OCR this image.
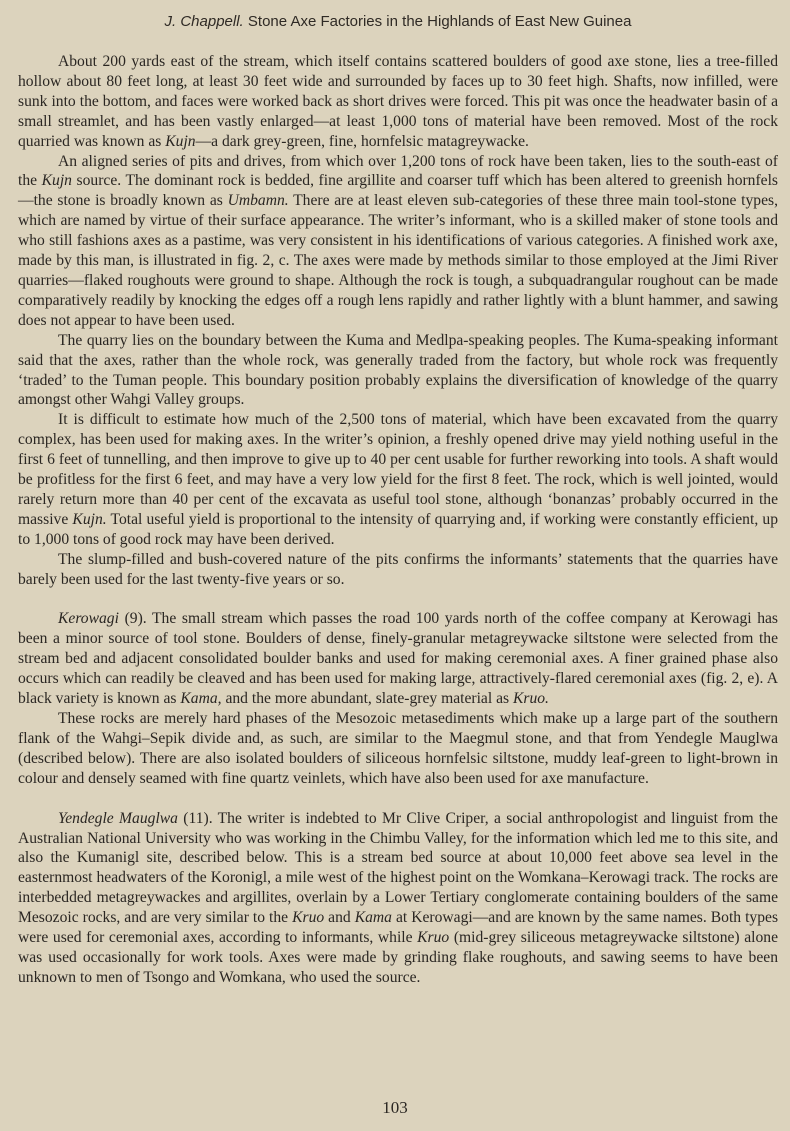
J. Chappell. Stone Axe Factories in the Highlands of East New Guinea

About 200 yards east of the stream, which itself contains scattered boulders of good axe stone, lies a tree-filled hollow about 80 feet long, at least 30 feet wide and surrounded by faces up to 30 feet high. Shafts, now infilled, were sunk into the bottom, and faces were worked back as short drives were forced. This pit was once the headwater basin of a small streamlet, and has been vastly enlarged—at least 1,000 tons of material have been removed. Most of the rock quarried was known as Kujn—a dark grey-green, fine, hornfelsic matagreywacke.

An aligned series of pits and drives, from which over 1,200 tons of rock have been taken, lies to the south-east of the Kujn source. The dominant rock is bedded, fine argillite and coarser tuff which has been altered to greenish hornfels—the stone is broadly known as Umbamn. There are at least eleven sub-categories of these three main tool-stone types, which are named by virtue of their surface appearance. The writer’s informant, who is a skilled maker of stone tools and who still fashions axes as a pastime, was very consistent in his identifications of various categories. A finished work axe, made by this man, is illustrated in fig. 2, c. The axes were made by methods similar to those employed at the Jimi River quarries—flaked roughouts were ground to shape. Although the rock is tough, a subquadrangular roughout can be made comparatively readily by knocking the edges off a rough lens rapidly and rather lightly with a blunt hammer, and sawing does not appear to have been used.

The quarry lies on the boundary between the Kuma and Medlpa-speaking peoples. The Kuma-speaking informant said that the axes, rather than the whole rock, was generally traded from the factory, but whole rock was frequently ‘traded’ to the Tuman people. This boundary position probably explains the diversification of knowledge of the quarry amongst other Wahgi Valley groups.

It is difficult to estimate how much of the 2,500 tons of material, which have been excavated from the quarry complex, has been used for making axes. In the writer’s opinion, a freshly opened drive may yield nothing useful in the first 6 feet of tunnelling, and then improve to give up to 40 per cent usable for further reworking into tools. A shaft would be profitless for the first 6 feet, and may have a very low yield for the first 8 feet. The rock, which is well jointed, would rarely return more than 40 per cent of the excavata as useful tool stone, although ‘bonanzas’ probably occurred in the massive Kujn. Total useful yield is proportional to the intensity of quarrying and, if working were constantly efficient, up to 1,000 tons of good rock may have been derived.

The slump-filled and bush-covered nature of the pits confirms the informants’ statements that the quarries have barely been used for the last twenty-five years or so.

Kerowagi (9). The small stream which passes the road 100 yards north of the coffee company at Kerowagi has been a minor source of tool stone. Boulders of dense, finely-granular metagreywacke siltstone were selected from the stream bed and adjacent consolidated boulder banks and used for making ceremonial axes. A finer grained phase also occurs which can readily be cleaved and has been used for making large, attractively-flared ceremonial axes (fig. 2, e). A black variety is known as Kama, and the more abundant, slate-grey material as Kruo.

These rocks are merely hard phases of the Mesozoic metasediments which make up a large part of the southern flank of the Wahgi–Sepik divide and, as such, are similar to the Maegmul stone, and that from Yendegle Mauglwa (described below). There are also isolated boulders of siliceous hornfelsic siltstone, muddy leaf-green to light-brown in colour and densely seamed with fine quartz veinlets, which have also been used for axe manufacture.

Yendegle Mauglwa (11). The writer is indebted to Mr Clive Criper, a social anthropologist and linguist from the Australian National University who was working in the Chimbu Valley, for the information which led me to this site, and also the Kumanigl site, described below. This is a stream bed source at about 10,000 feet above sea level in the easternmost headwaters of the Koronigl, a mile west of the highest point on the Womkana–Kerowagi track. The rocks are interbedded metagreywackes and argillites, overlain by a Lower Tertiary conglomerate containing boulders of the same Mesozoic rocks, and are very similar to the Kruo and Kama at Kerowagi—and are known by the same names. Both types were used for ceremonial axes, according to informants, while Kruo (mid-grey siliceous metagreywacke siltstone) alone was used occasionally for work tools. Axes were made by grinding flake roughouts, and sawing seems to have been unknown to men of Tsongo and Womkana, who used the source.

103
